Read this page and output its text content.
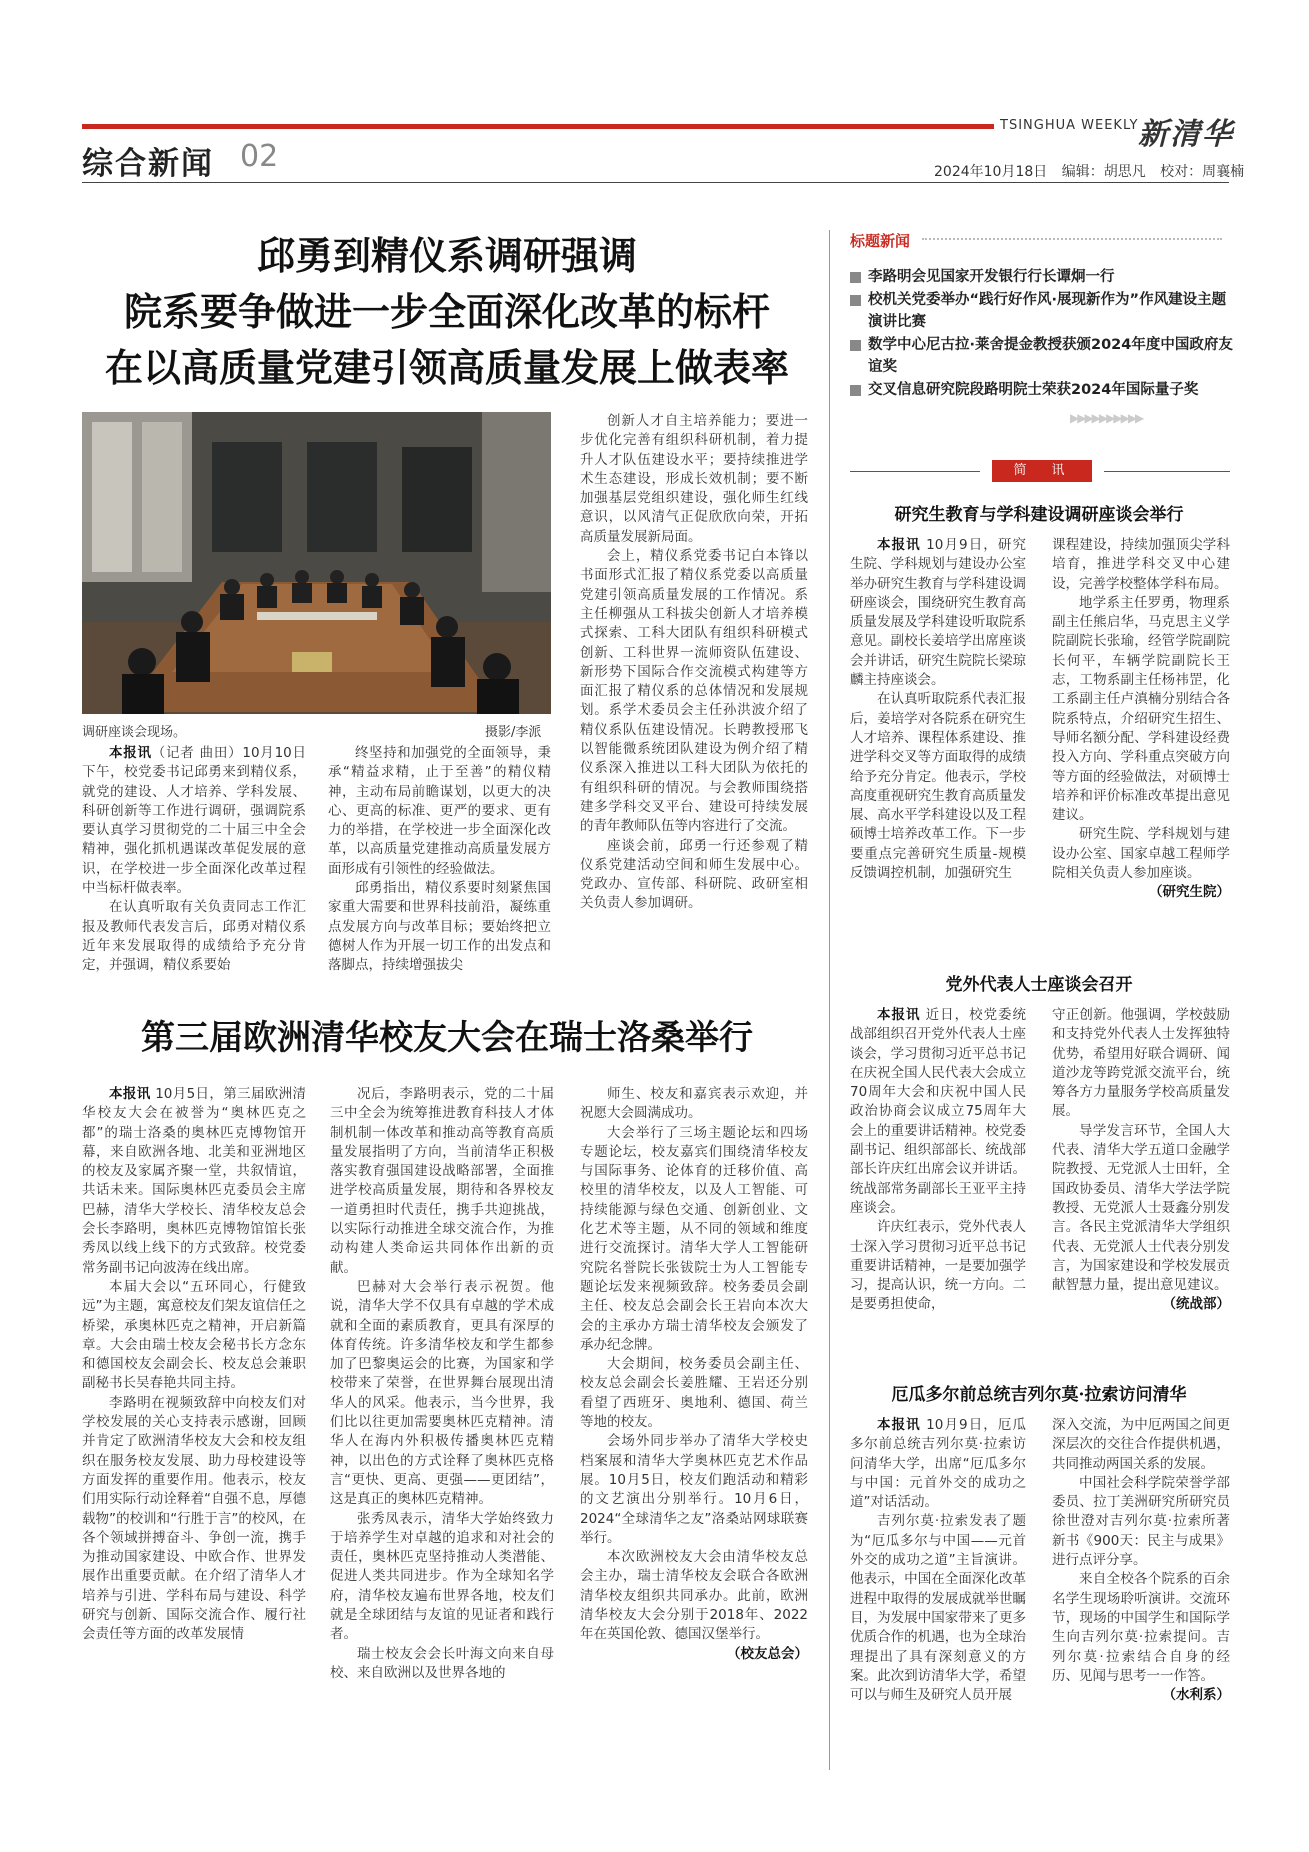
TSINGHUA WEEKLY 新清华
综合新闻 02	2024年10月18日 编辑：胡思凡 校对：周襄楠
邱勇到精仪系调研强调
院系要争做进一步全面深化改革的标杆
在以高质量党建引领高质量发展上做表率
调研座谈会现场。	摄影/李派

本报讯（记者 曲田）10月10日下午，校党委书记邱勇来到精仪系，就党的建设、人才培养、学科发展、科研创新等工作进行调研，强调院系要认真学习贯彻党的二十届三中全会精神，强化抓机遇谋改革促发展的意识，在学校进一步全面深化改革过程中当标杆做表率。

在认真听取有关负责同志工作汇报及教师代表发言后，邱勇对精仪系近年来发展取得的成绩给予充分肯定，并强调，精仪系要始

终坚持和加强党的全面领导，秉承“精益求精，止于至善”的精仪精神，主动布局前瞻谋划，以更大的决心、更高的标准、更严的要求、更有力的举措，在学校进一步全面深化改革，以高质量党建推动高质量发展方面形成有引领性的经验做法。

邱勇指出，精仪系要时刻紧焦国家重大需要和世界科技前沿，凝练重点发展方向与改革目标；要始终把立德树人作为开展一切工作的出发点和落脚点，持续增强拔尖

创新人才自主培养能力；要进一步优化完善有组织科研机制，着力提升人才队伍建设水平；要持续推进学术生态建设，形成长效机制；要不断加强基层党组织建设，强化师生红线意识，以风清气正促欣欣向荣，开拓高质量发展新局面。

会上，精仪系党委书记白本锋以书面形式汇报了精仪系党委以高质量党建引领高质量发展的工作情况。系主任柳强从工科拔尖创新人才培养模式探索、工科大团队有组织科研模式创新、工科世界一流师资队伍建设、新形势下国际合作交流模式构建等方面汇报了精仪系的总体情况和发展规划。系学术委员会主任孙洪波介绍了精仪系队伍建设情况。长聘教授邢飞以智能微系统团队建设为例介绍了精仪系深入推进以工科大团队为依托的有组织科研的情况。与会教师围绕搭建多学科交叉平台、建设可持续发展的青年教师队伍等内容进行了交流。

座谈会前，邱勇一行还参观了精仪系党建活动空间和师生发展中心。党政办、宣传部、科研院、政研室相关负责人参加调研。

第三届欧洲清华校友大会在瑞士洛桑举行

本报讯 10月5日，第三届欧洲清华校友大会在被誉为“奥林匹克之都”的瑞士洛桑的奥林匹克博物馆开幕，来自欧洲各地、北美和亚洲地区的校友及家属齐聚一堂，共叙情谊，共话未来。国际奥林匹克委员会主席巴赫，清华大学校长、清华校友总会会长李路明，奥林匹克博物馆馆长张秀凤以线上线下的方式致辞。校党委常务副书记向波涛在线出席。

本届大会以“五环同心，行健致远”为主题，寓意校友们架友谊信任之桥梁，承奥林匹克之精神，开启新篇章。大会由瑞士校友会秘书长方念东和德国校友会副会长、校友总会兼职副秘书长吴春艳共同主持。

李路明在视频致辞中向校友们对学校发展的关心支持表示感谢，回顾并肯定了欧洲清华校友大会和校友组织在服务校友发展、助力母校建设等方面发挥的重要作用。他表示，校友们用实际行动诠释着“自强不息，厚德载物”的校训和“行胜于言”的校风，在各个领域拼搏奋斗、争创一流，携手为推动国家建设、中欧合作、世界发展作出重要贡献。在介绍了清华人才培养与引进、学科布局与建设、科学研究与创新、国际交流合作、履行社会责任等方面的改革发展情

况后，李路明表示，党的二十届三中全会为统筹推进教育科技人才体制机制一体改革和推动高等教育高质量发展指明了方向，当前清华正积极落实教育强国建设战略部署，全面推进学校高质量发展，期待和各界校友一道勇担时代责任，携手共迎挑战，以实际行动推进全球交流合作，为推动构建人类命运共同体作出新的贡献。

巴赫对大会举行表示祝贺。他说，清华大学不仅具有卓越的学术成就和全面的素质教育，更具有深厚的体育传统。许多清华校友和学生都参加了巴黎奥运会的比赛，为国家和学校带来了荣誉，在世界舞台展现出清华人的风采。他表示，当今世界，我们比以往更加需要奥林匹克精神。清华人在海内外积极传播奥林匹克精神，以出色的方式诠释了奥林匹克格言“更快、更高、更强——更团结”，这是真正的奥林匹克精神。

张秀凤表示，清华大学始终致力于培养学生对卓越的追求和对社会的责任，奥林匹克坚持推动人类潜能、促进人类共同进步。作为全球知名学府，清华校友遍布世界各地，校友们就是全球团结与友谊的见证者和践行者。

瑞士校友会会长叶海文向来自母校、来自欧洲以及世界各地的

师生、校友和嘉宾表示欢迎，并祝愿大会圆满成功。

大会举行了三场主题论坛和四场专题论坛，校友嘉宾们围绕清华校友与国际事务、论体育的迁移价值、高校里的清华校友，以及人工智能、可持续能源与绿色交通、创新创业、文化艺术等主题，从不同的领域和维度进行交流探讨。清华大学人工智能研究院名誉院长张钹院士为人工智能专题论坛发来视频致辞。校务委员会副主任、校友总会副会长王岩向本次大会的主承办方瑞士清华校友会颁发了承办纪念牌。

大会期间，校务委员会副主任、校友总会副会长姜胜耀、王岩还分别看望了西班牙、奥地利、德国、荷兰等地的校友。

会场外同步举办了清华大学校史档案展和清华大学奥林匹克艺术作品展。10月5日，校友们跑活动和精彩的文艺演出分别举行。10月6日，2024“全球清华之友”洛桑站网球联赛举行。

本次欧洲校友大会由清华校友总会主办，瑞士清华校友会联合各欧洲清华校友组织共同承办。此前，欧洲清华校友大会分别于2018年、2022年在英国伦敦、德国汉堡举行。

（校友总会）
标题新闻
李路明会见国家开发银行行长谭炯一行
校机关党委举办“践行好作风·展现新作为”作风建设主题演讲比赛
数学中心尼古拉·莱舍提金教授获颁2024年度中国政府友谊奖
交叉信息研究院段路明院士荣获2024年国际量子奖
▶▶▶▶▶▶▶▶▶▶
简　讯
研究生教育与学科建设调研座谈会举行

本报讯 10月9日，研究生院、学科规划与建设办公室举办研究生教育与学科建设调研座谈会，围绕研究生教育高质量发展及学科建设听取院系意见。副校长姜培学出席座谈会并讲话，研究生院院长梁琼麟主持座谈会。

在认真听取院系代表汇报后，姜培学对各院系在研究生人才培养、课程体系建设、推进学科交叉等方面取得的成绩给予充分肯定。他表示，学校高度重视研究生教育高质量发展、高水平学科建设以及工程硕博士培养改革工作。下一步要重点完善研究生质量-规模反馈调控机制，加强研究生

课程建设，持续加强顶尖学科培育，推进学科交叉中心建设，完善学校整体学科布局。

地学系主任罗勇，物理系副主任熊启华，马克思主义学院副院长张瑜，经管学院副院长何平，车辆学院副院长王志，工物系副主任杨祎罡，化工系副主任卢滇楠分别结合各院系特点，介绍研究生招生、导师名额分配、学科建设经费投入方向、学科重点突破方向等方面的经验做法，对硕博士培养和评价标准改革提出意见建议。

研究生院、学科规划与建设办公室、国家卓越工程师学院相关负责人参加座谈。

（研究生院）
党外代表人士座谈会召开

本报讯 近日，校党委统战部组织召开党外代表人士座谈会，学习贯彻习近平总书记在庆祝全国人民代表大会成立70周年大会和庆祝中国人民政治协商会议成立75周年大会上的重要讲话精神。校党委副书记、组织部部长、统战部部长许庆红出席会议并讲话。统战部常务副部长王亚平主持座谈会。

许庆红表示，党外代表人士深入学习贯彻习近平总书记重要讲话精神，一是要加强学习，提高认识，统一方向。二是要勇担使命，

守正创新。他强调，学校鼓励和支持党外代表人士发挥独特优势，希望用好联合调研、闻道沙龙等跨党派交流平台，统筹各方力量服务学校高质量发展。

导学发言环节，全国人大代表、清华大学五道口金融学院教授、无党派人士田轩，全国政协委员、清华大学法学院教授、无党派人士聂鑫分别发言。各民主党派清华大学组织代表、无党派人士代表分别发言，为国家建设和学校发展贡献智慧力量，提出意见建议。

（统战部）
厄瓜多尔前总统吉列尔莫·拉索访问清华

本报讯 10月9日，厄瓜多尔前总统吉列尔莫·拉索访问清华大学，出席“厄瓜多尔与中国：元首外交的成功之道”对话活动。

吉列尔莫·拉索发表了题为“厄瓜多尔与中国——元首外交的成功之道”主旨演讲。他表示，中国在全面深化改革进程中取得的发展成就举世瞩目，为发展中国家带来了更多优质合作的机遇，也为全球治理提出了具有深刻意义的方案。此次到访清华大学，希望可以与师生及研究人员开展

深入交流，为中厄两国之间更深层次的交往合作提供机遇，共同推动两国关系的发展。

中国社会科学院荣誉学部委员、拉丁美洲研究所研究员徐世澄对吉列尔莫·拉索所著新书《900天：民主与成果》进行点评分享。

来自全校各个院系的百余名学生现场聆听演讲。交流环节，现场的中国学生和国际学生向吉列尔莫·拉索提问。吉列尔莫·拉索结合自身的经历、见闻与思考一一作答。

（水利系）
